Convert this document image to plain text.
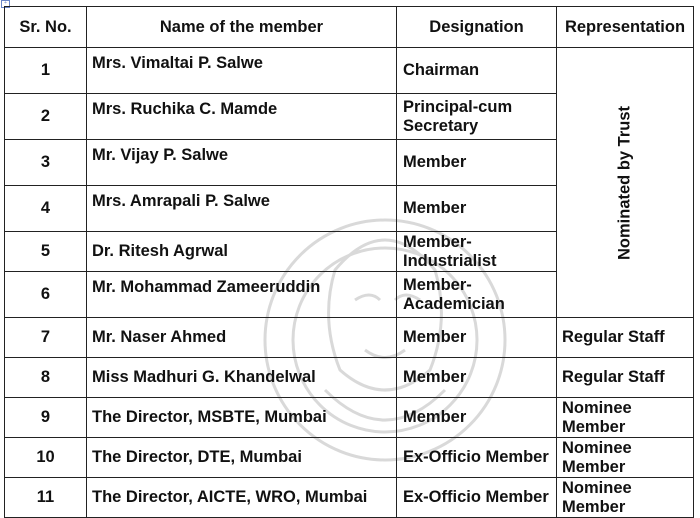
+
Sr. No.	Name of the member	Designation	Representation
1	Mrs. Vimaltai P. Salwe	Chairman	Nominated by Trust

2	Mrs. Ruchika C. Mamde	Principal-cum Secretary	
3	Mr. Vijay P. Salwe	Member	
4	Mrs. Amrapali P. Salwe	Member	
5	Dr. Ritesh Agrwal	Member-Industrialist	
6	Mr. Mohammad Zameeruddin	Member-Academician	
7	Mr. Naser Ahmed	Member	Regular Staff
8	Miss Madhuri G. Khandelwal	Member	Regular Staff
9	The Director, MSBTE, Mumbai	Member	Nominee Member
10	The Director, DTE, Mumbai	Ex-Officio Member	Nominee Member
11	The Director, AICTE, WRO, Mumbai	Ex-Officio Member	Nominee Member
